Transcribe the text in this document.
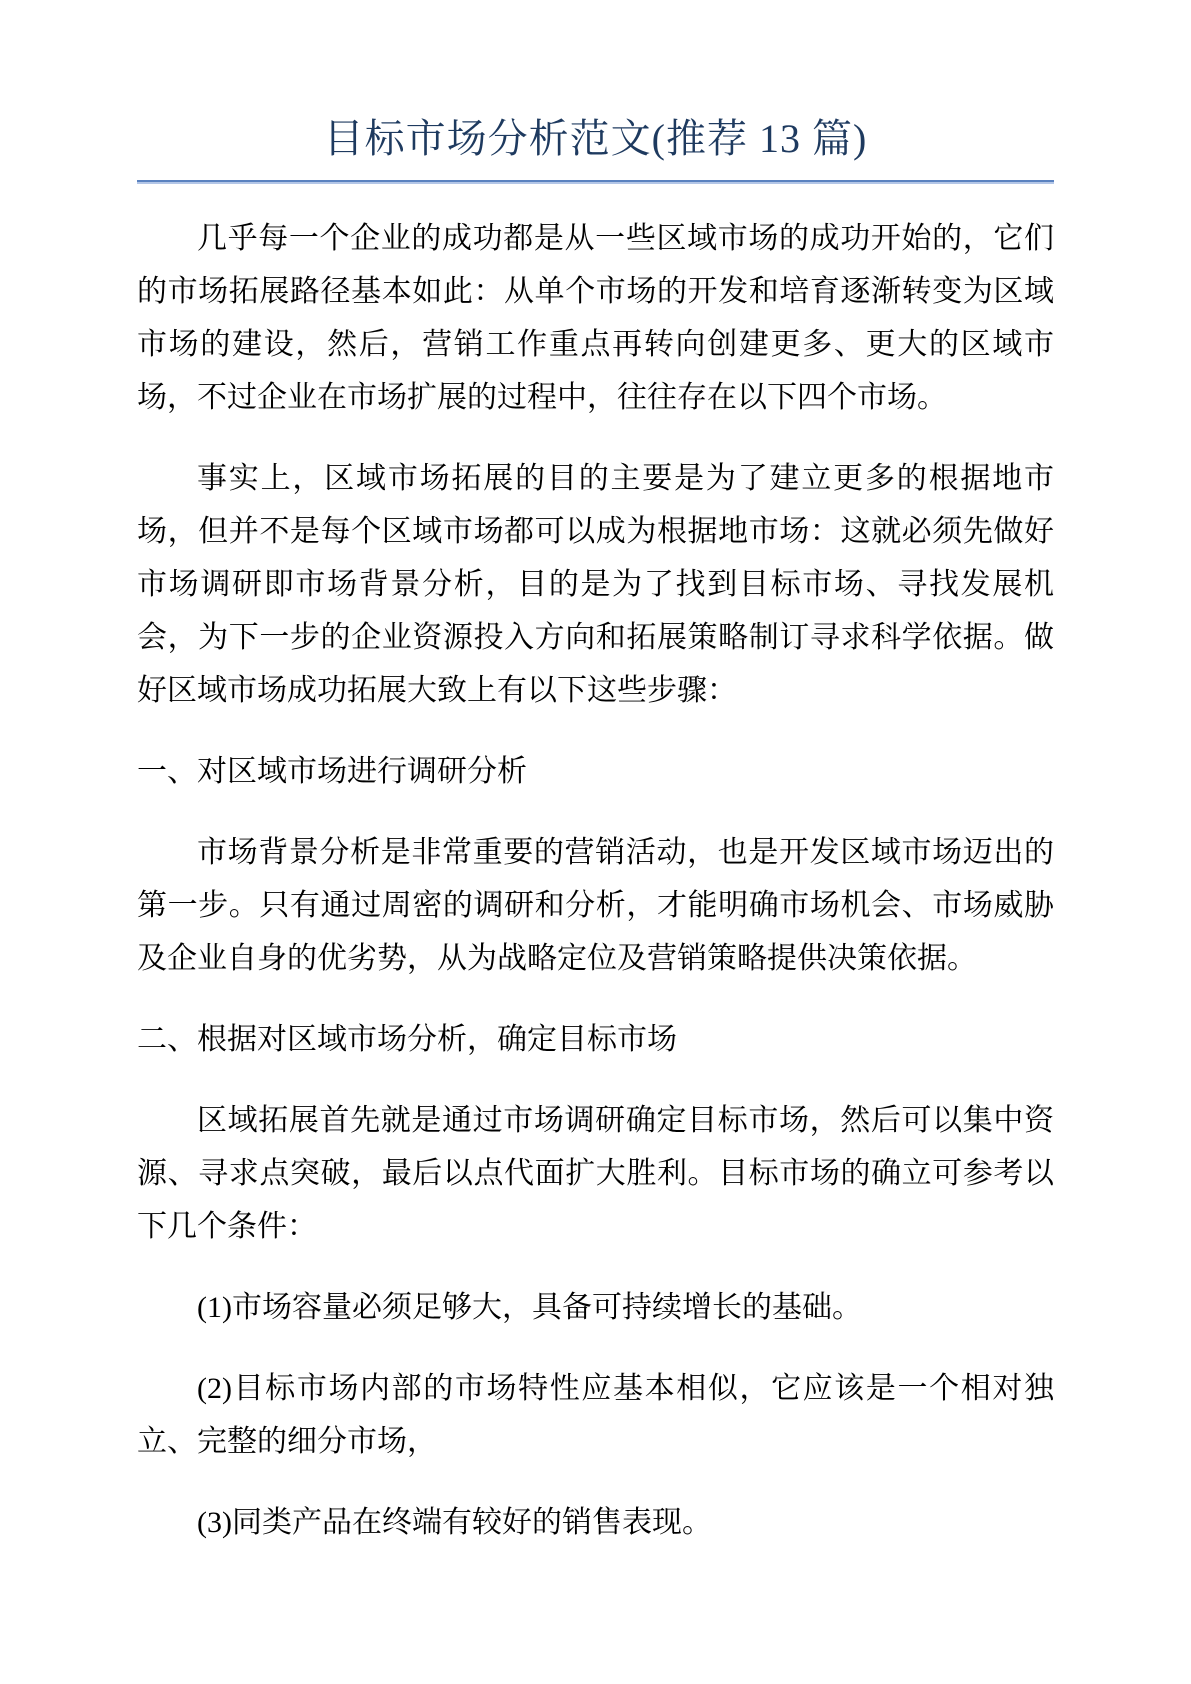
目标市场分析范文(推荐 13 篇)

几乎每一个企业的成功都是从一些区域市场的成功开始的，它们的市场拓展路径基本如此：从单个市场的开发和培育逐渐转变为区域市场的建设，然后，营销工作重点再转向创建更多、更大的区域市场，不过企业在市场扩展的过程中，往往存在以下四个市场。

事实上，区域市场拓展的目的主要是为了建立更多的根据地市场，但并不是每个区域市场都可以成为根据地市场：这就必须先做好市场调研即市场背景分析，目的是为了找到目标市场、寻找发展机会，为下一步的企业资源投入方向和拓展策略制订寻求科学依据。做好区域市场成功拓展大致上有以下这些步骤：

一、对区域市场进行调研分析

市场背景分析是非常重要的营销活动，也是开发区域市场迈出的第一步。只有通过周密的调研和分析，才能明确市场机会、市场威胁及企业自身的优劣势，从为战略定位及营销策略提供决策依据。

二、根据对区域市场分析，确定目标市场

区域拓展首先就是通过市场调研确定目标市场，然后可以集中资源、寻求点突破，最后以点代面扩大胜利。目标市场的确立可参考以下几个条件：

(1)市场容量必须足够大，具备可持续增长的基础。

(2)目标市场内部的市场特性应基本相似，它应该是一个相对独立、完整的细分市场，

(3)同类产品在终端有较好的销售表现。
